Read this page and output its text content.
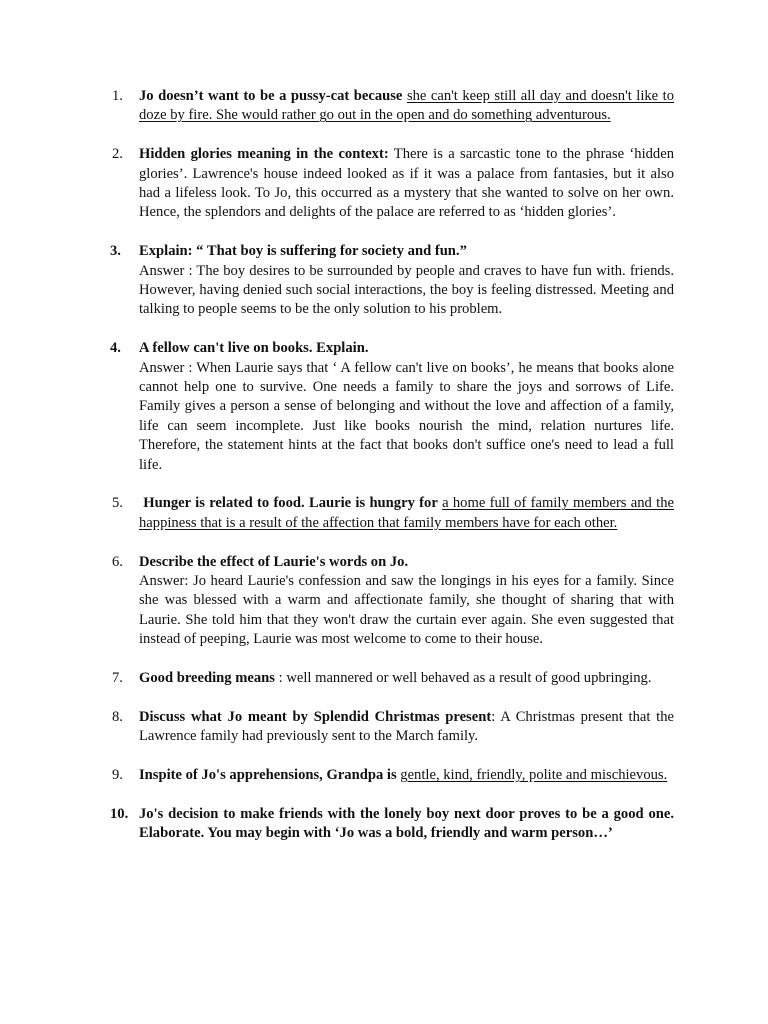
1.	Jo doesn’t want to be a pussy-cat because she can't keep still all day and doesn't like to doze by fire. She would rather go out in the open and do something adventurous.
2.	Hidden glories meaning in the context: There is a sarcastic tone to the phrase ‘hidden glories’. Lawrence's house indeed looked as if it was a palace from fantasies, but it also had a lifeless look. To Jo, this occurred as a mystery that she wanted to solve on her own. Hence, the splendors and delights of the palace are referred to as ‘hidden glories’.
3.	Explain: “ That boy is suffering for society and fun.”
Answer : The boy desires to be surrounded by people and craves to have fun with. friends. However, having denied such social interactions, the boy is feeling distressed. Meeting and talking to people seems to be the only solution to his problem.
4.	A fellow can't live on books. Explain.
Answer : When Laurie says that ‘ A fellow can't live on books’, he means that books alone cannot help one to survive. One needs a family to share the joys and sorrows of Life. Family gives a person a sense of belonging and without the love and affection of a family, life can seem incomplete. Just like books nourish the mind, relation nurtures life. Therefore, the statement hints at the fact that books don't suffice one's need to lead a full life.
5.	Hunger is related to food. Laurie is hungry for a home full of family members and the happiness that is a result of the affection that family members have for each other.
6.	Describe the effect of Laurie's words on Jo.
Answer: Jo heard Laurie's confession and saw the longings in his eyes for a family. Since she was blessed with a warm and affectionate family, she thought of sharing that with Laurie. She told him that they won't draw the curtain ever again. She even suggested that instead of peeping, Laurie was most welcome to come to their house.
7.	Good breeding means : well mannered or well behaved as a result of good upbringing.
8.	Discuss what Jo meant by Splendid Christmas present: A Christmas present that the Lawrence family had previously sent to the March family.
9.	Inspite of Jo's apprehensions, Grandpa is gentle, kind, friendly, polite and mischievous.
10. Jo's decision to make friends with the lonely boy next door proves to be a good one. Elaborate. You may begin with ‘Jo was a bold, friendly and warm person…’
